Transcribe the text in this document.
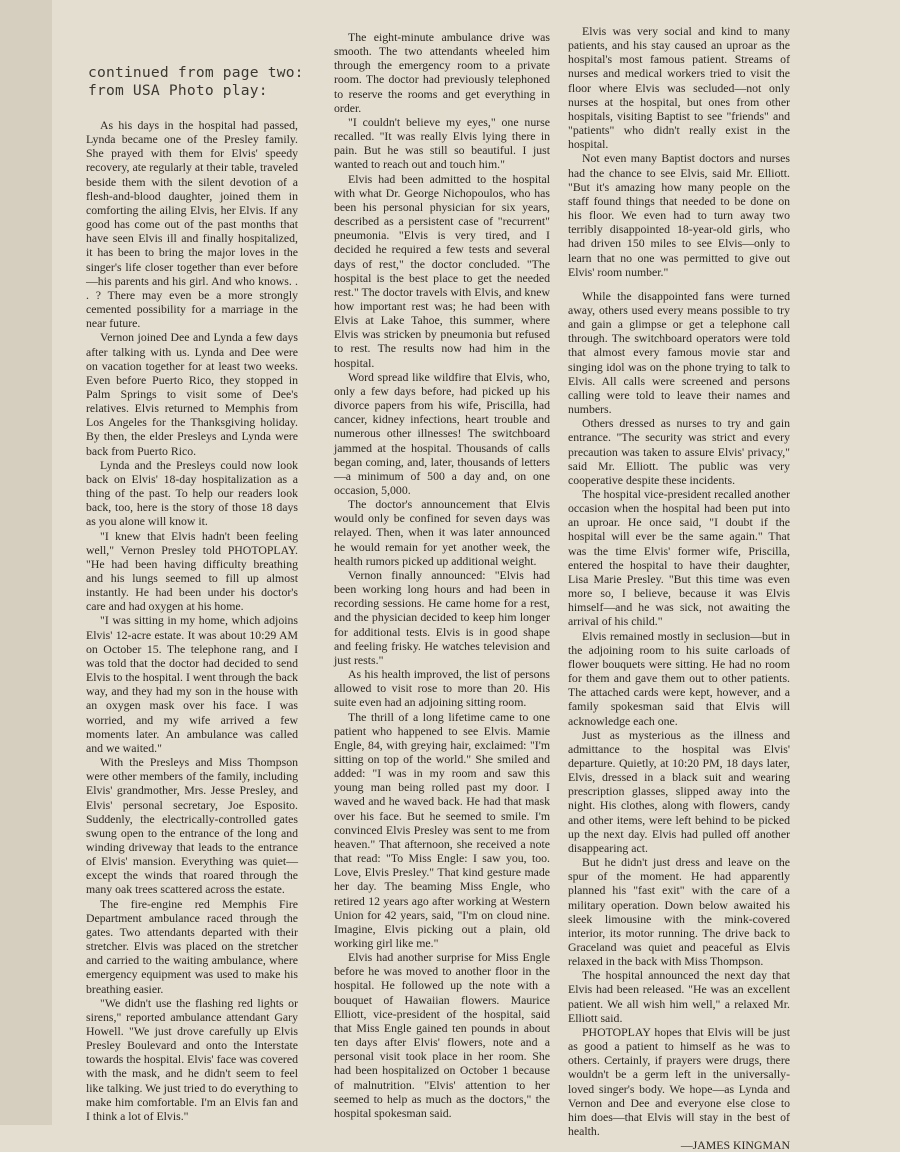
continued from page two:
from USA Photo play:

As his days in the hospital had passed, Lynda became one of the Presley family. She prayed with them for Elvis' speedy recovery, ate regularly at their table, traveled beside them with the silent devotion of a flesh-and-blood daughter, joined them in comforting the ailing Elvis, her Elvis. If any good has come out of the past months that have seen Elvis ill and finally hospitalized, it has been to bring the major loves in the singer's life closer together than ever before—his parents and his girl. And who knows. . . ? There may even be a more strongly cemented possibility for a marriage in the near future.

Vernon joined Dee and Lynda a few days after talking with us. Lynda and Dee were on vacation together for at least two weeks. Even before Puerto Rico, they stopped in Palm Springs to visit some of Dee's relatives. Elvis returned to Memphis from Los Angeles for the Thanksgiving holiday. By then, the elder Presleys and Lynda were back from Puerto Rico.

Lynda and the Presleys could now look back on Elvis' 18-day hospitalization as a thing of the past. To help our readers look back, too, here is the story of those 18 days as you alone will know it.

"I knew that Elvis hadn't been feeling well," Vernon Presley told PHOTOPLAY. "He had been having difficulty breathing and his lungs seemed to fill up almost instantly. He had been under his doctor's care and had oxygen at his home.

"I was sitting in my home, which adjoins Elvis' 12-acre estate. It was about 10:29 AM on October 15. The telephone rang, and I was told that the doctor had decided to send Elvis to the hospital. I went through the back way, and they had my son in the house with an oxygen mask over his face. I was worried, and my wife arrived a few moments later. An ambulance was called and we waited."

With the Presleys and Miss Thompson were other members of the family, including Elvis' grandmother, Mrs. Jesse Presley, and Elvis' personal secretary, Joe Esposito. Suddenly, the electrically-controlled gates swung open to the entrance of the long and winding driveway that leads to the entrance of Elvis' mansion. Everything was quiet—except the winds that roared through the many oak trees scattered across the estate.

The fire-engine red Memphis Fire Department ambulance raced through the gates. Two attendants departed with their stretcher. Elvis was placed on the stretcher and carried to the waiting ambulance, where emergency equipment was used to make his breathing easier.

"We didn't use the flashing red lights or sirens," reported ambulance attendant Gary Howell. "We just drove carefully up Elvis Presley Boulevard and onto the Interstate towards the hospital. Elvis' face was covered with the mask, and he didn't seem to feel like talking. We just tried to do everything to make him comfortable. I'm an Elvis fan and I think a lot of Elvis."

The eight-minute ambulance drive was smooth. The two attendants wheeled him through the emergency room to a private room. The doctor had previously telephoned to reserve the rooms and get everything in order.

"I couldn't believe my eyes," one nurse recalled. "It was really Elvis lying there in pain. But he was still so beautiful. I just wanted to reach out and touch him."

Elvis had been admitted to the hospital with what Dr. George Nichopoulos, who has been his personal physician for six years, described as a persistent case of "recurrent" pneumonia. "Elvis is very tired, and I decided he required a few tests and several days of rest," the doctor concluded. "The hospital is the best place to get the needed rest." The doctor travels with Elvis, and knew how important rest was; he had been with Elvis at Lake Tahoe, this summer, where Elvis was stricken by pneumonia but refused to rest. The results now had him in the hospital.

Word spread like wildfire that Elvis, who, only a few days before, had picked up his divorce papers from his wife, Priscilla, had cancer, kidney infections, heart trouble and numerous other illnesses! The switchboard jammed at the hospital. Thousands of calls began coming, and, later, thousands of letters—a minimum of 500 a day and, on one occasion, 5,000.

The doctor's announcement that Elvis would only be confined for seven days was relayed. Then, when it was later announced he would remain for yet another week, the health rumors picked up additional weight.

Vernon finally announced: "Elvis had been working long hours and had been in recording sessions. He came home for a rest, and the physician decided to keep him longer for additional tests. Elvis is in good shape and feeling frisky. He watches television and just rests."

As his health improved, the list of persons allowed to visit rose to more than 20. His suite even had an adjoining sitting room.

The thrill of a long lifetime came to one patient who happened to see Elvis. Mamie Engle, 84, with greying hair, exclaimed: "I'm sitting on top of the world." She smiled and added: "I was in my room and saw this young man being rolled past my door. I waved and he waved back. He had that mask over his face. But he seemed to smile. I'm convinced Elvis Presley was sent to me from heaven." That afternoon, she received a note that read: "To Miss Engle: I saw you, too. Love, Elvis Presley." That kind gesture made her day. The beaming Miss Engle, who retired 12 years ago after working at Western Union for 42 years, said, "I'm on cloud nine. Imagine, Elvis picking out a plain, old working girl like me."

Elvis had another surprise for Miss Engle before he was moved to another floor in the hospital. He followed up the note with a bouquet of Hawaiian flowers. Maurice Elliott, vice-president of the hospital, said that Miss Engle gained ten pounds in about ten days after Elvis' flowers, note and a personal visit took place in her room. She had been hospitalized on October 1 because of malnutrition. "Elvis' attention to her seemed to help as much as the doctors," the hospital spokesman said.

Elvis was very social and kind to many patients, and his stay caused an uproar as the hospital's most famous patient. Streams of nurses and medical workers tried to visit the floor where Elvis was secluded—not only nurses at the hospital, but ones from other hospitals, visiting Baptist to see "friends" and "patients" who didn't really exist in the hospital.

Not even many Baptist doctors and nurses had the chance to see Elvis, said Mr. Elliott. "But it's amazing how many people on the staff found things that needed to be done on his floor. We even had to turn away two terribly disappointed 18-year-old girls, who had driven 150 miles to see Elvis—only to learn that no one was permitted to give out Elvis' room number."

While the disappointed fans were turned away, others used every means possible to try and gain a glimpse or get a telephone call through. The switchboard operators were told that almost every famous movie star and singing idol was on the phone trying to talk to Elvis. All calls were screened and persons calling were told to leave their names and numbers.

Others dressed as nurses to try and gain entrance. "The security was strict and every precaution was taken to assure Elvis' privacy," said Mr. Elliott. The public was very cooperative despite these incidents.

The hospital vice-president recalled another occasion when the hospital had been put into an uproar. He once said, "I doubt if the hospital will ever be the same again." That was the time Elvis' former wife, Priscilla, entered the hospital to have their daughter, Lisa Marie Presley. "But this time was even more so, I believe, because it was Elvis himself—and he was sick, not awaiting the arrival of his child."

Elvis remained mostly in seclusion—but in the adjoining room to his suite carloads of flower bouquets were sitting. He had no room for them and gave them out to other patients. The attached cards were kept, however, and a family spokesman said that Elvis will acknowledge each one.

Just as mysterious as the illness and admittance to the hospital was Elvis' departure. Quietly, at 10:20 PM, 18 days later, Elvis, dressed in a black suit and wearing prescription glasses, slipped away into the night. His clothes, along with flowers, candy and other items, were left behind to be picked up the next day. Elvis had pulled off another disappearing act.

But he didn't just dress and leave on the spur of the moment. He had apparently planned his "fast exit" with the care of a military operation. Down below awaited his sleek limousine with the mink-covered interior, its motor running. The drive back to Graceland was quiet and peaceful as Elvis relaxed in the back with Miss Thompson.

The hospital announced the next day that Elvis had been released. "He was an excellent patient. We all wish him well," a relaxed Mr. Elliott said.

PHOTOPLAY hopes that Elvis will be just as good a patient to himself as he was to others. Certainly, if prayers were drugs, there wouldn't be a germ left in the universally-loved singer's body. We hope—as Lynda and Vernon and Dee and everyone else close to him does—that Elvis will stay in the best of health.

—JAMES KINGMAN
